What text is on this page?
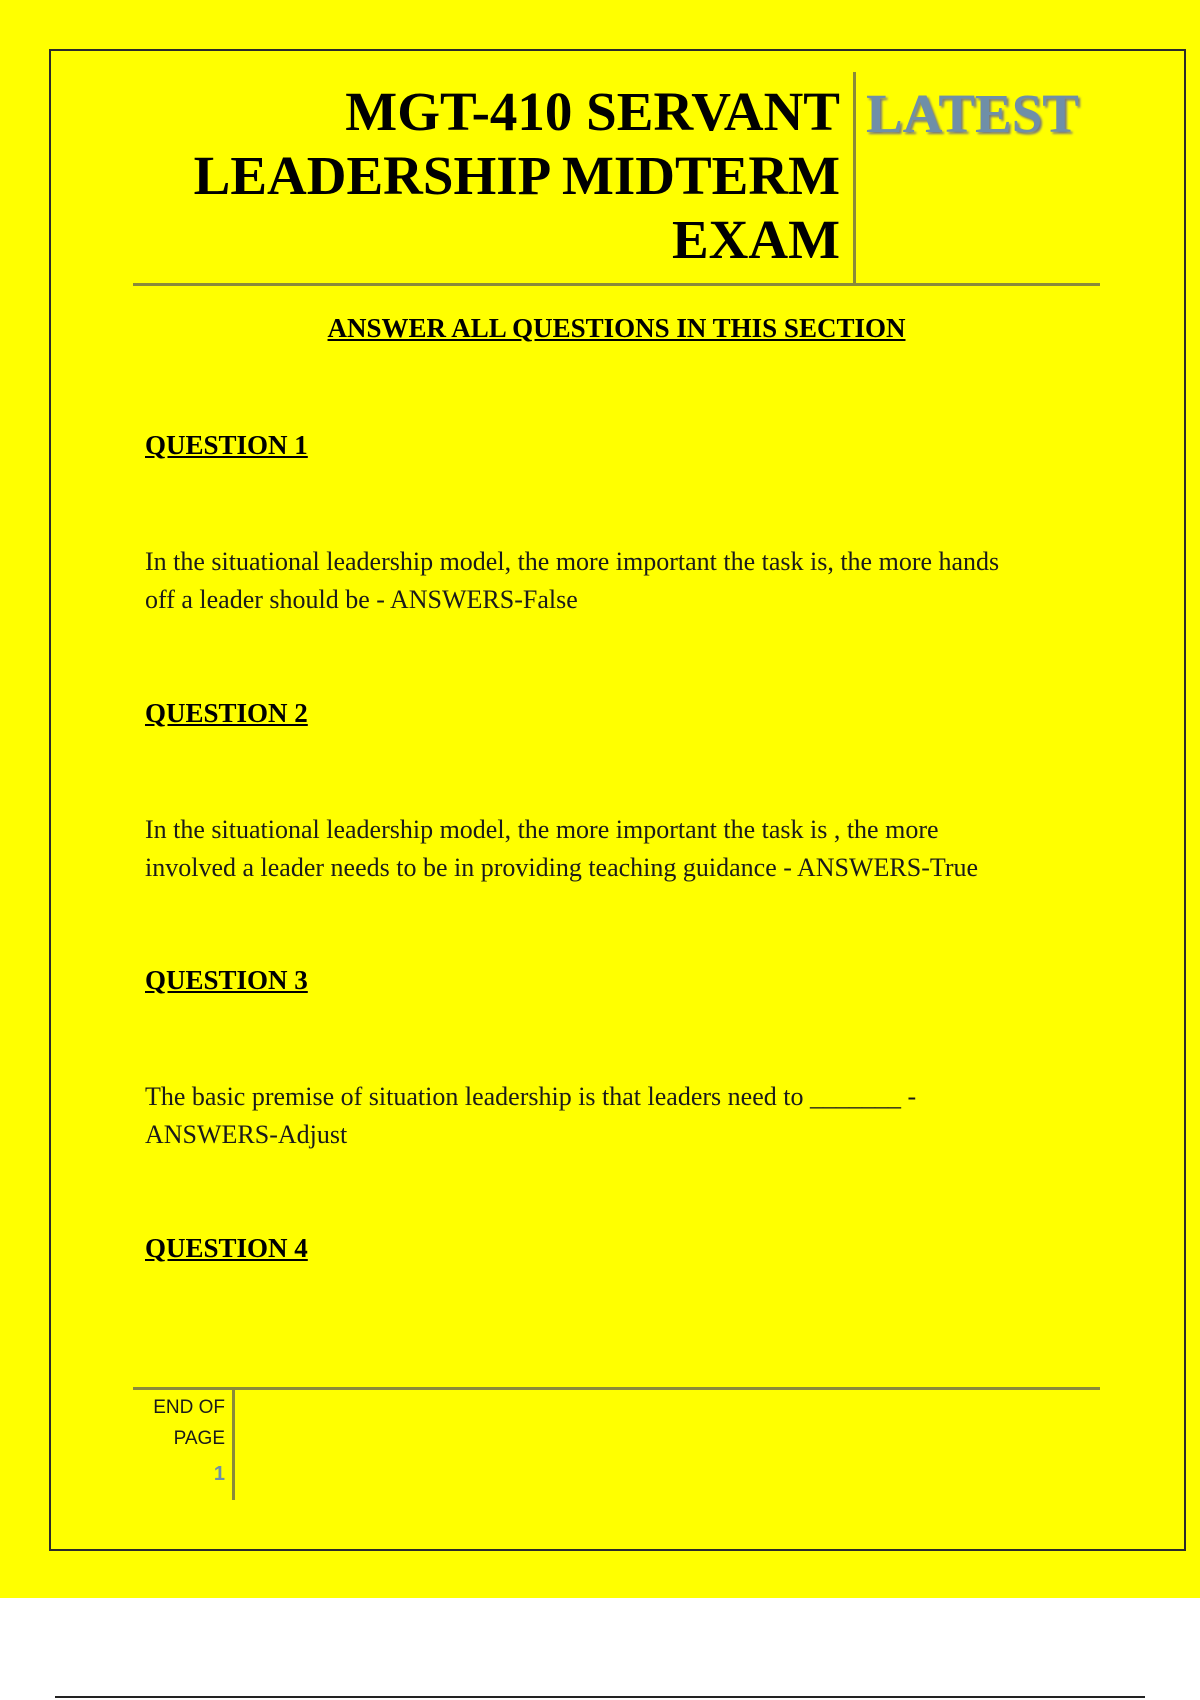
MGT-410 SERVANT
LEADERSHIP MIDTERM
EXAM
LATEST
ANSWER ALL QUESTIONS IN THIS SECTION
QUESTION 1
In the situational leadership model, the more important the task is, the more hands
off a leader should be - ANSWERS-False
QUESTION 2
In the situational leadership model, the more important the task is , the more
involved a leader needs to be in providing teaching guidance - ANSWERS-True
QUESTION 3
The basic premise of situation leadership is that leaders need to _______ -
ANSWERS-Adjust
QUESTION 4
END OF
PAGE
1
